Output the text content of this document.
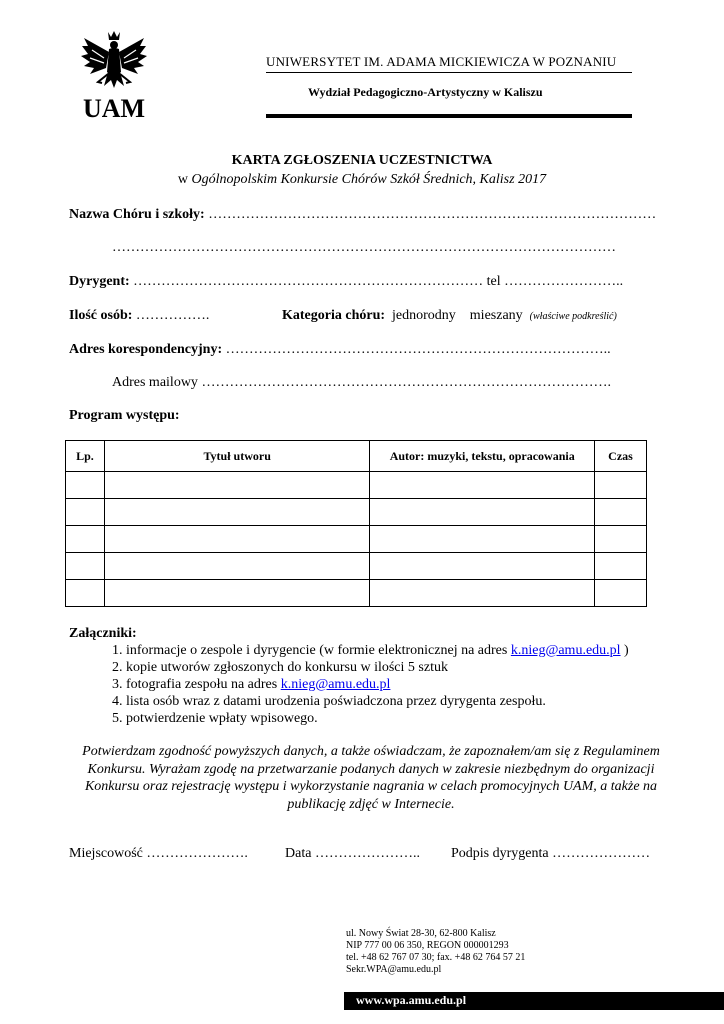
UAM
UNIWERSYTET IM. ADAMA MICKIEWICZA W POZNANIU
Wydział Pedagogiczno-Artystyczny w Kaliszu
KARTA ZGŁOSZENIA UCZESTNICTWA
w Ogólnopolskim Konkursie Chórów Szkół Średnich, Kalisz 2017
Nazwa Chóru i szkoły: ……………………………………………………………………………………
………………………………………………………………………………………………
Dyrygent: ………………………………………………………………… tel ……………………..
Ilość osób: …………….	Kategoria chóru: jednorodny mieszany (właściwe podkreślić)
Adres korespondencyjny: ………………………………………………………………………..
Adres mailowy …………………………………………………………………………….
Program występu:
Lp.	Tytuł utworu	Autor: muzyki, tekstu, opracowania	Czas

Załączniki:
1. informacje o zespole i dyrygencie (w formie elektronicznej na adres k.nieg@amu.edu.pl )
2. kopie utworów zgłoszonych do konkursu w ilości 5 sztuk
3. fotografia zespołu na adres k.nieg@amu.edu.pl
4. lista osób wraz z datami urodzenia poświadczona przez dyrygenta zespołu.
5. potwierdzenie wpłaty wpisowego.
Potwierdzam zgodność powyższych danych, a także oświadczam, że zapoznałem/am się z Regulaminem Konkursu. Wyrażam zgodę na przetwarzanie podanych danych w zakresie niezbędnym do organizacji Konkursu oraz rejestrację występu i wykorzystanie nagrania w celach promocyjnych UAM, a także na publikację zdjęć w Internecie.
Miejscowość ………………….	Data ………………….. Podpis dyrygenta …………………
ul. Nowy Świat 28-30, 62-800 Kalisz
NIP 777 00 06 350, REGON 000001293
tel. +48 62 767 07 30; fax. +48 62 764 57 21
Sekr.WPA@amu.edu.pl
www.wpa.amu.edu.pl
